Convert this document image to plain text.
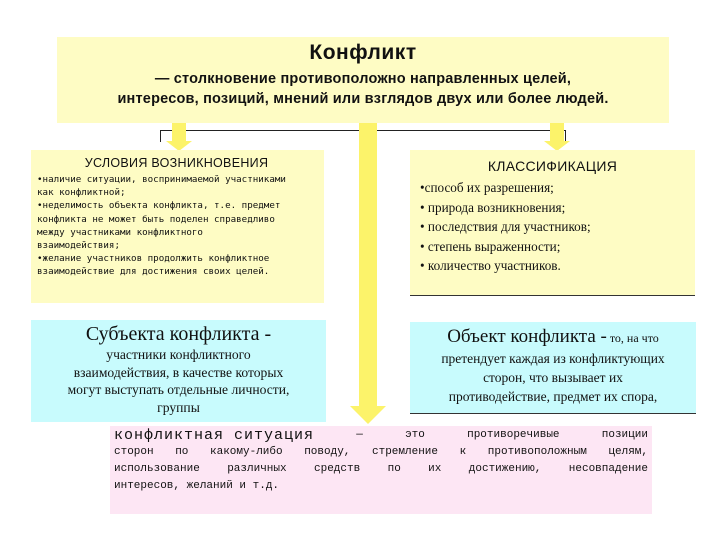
Конфликт
— столкновение противоположно направленных целей,
интересов, позиций, мнений или взглядов двух или более людей.
УСЛОВИЯ ВОЗНИКНОВЕНИЯ
•наличие ситуации, воспринимаемой участниками
как конфликтной;
•неделимость объекта конфликта, т.е. предмет
конфликта не может быть поделен справедливо
между участниками конфликтного
взаимодействия;
•желание участников продолжить конфликтное
взаимодействие для достижения своих целей.
КЛАССИФИКАЦИЯ
•способ их разрешения;
• природа возникновения;
• последствия для участников;
• степень выраженности;
• количество участников.
Субъекта конфликта -
участники конфликтного
взаимодействия, в качестве которых
могут выступать отдельные личности,
группы
Объект конфликта - то, на что
претендует каждая из конфликтующих
сторон, что вызывает их
противодействие, предмет их спора,
конфликтная ситуация	—	это	противоречивые	позиции
сторон по какому-либо поводу, стремление к противоположным целям,
использование различных средств по их достижению, несовпадение
интересов, желаний и т.д.
